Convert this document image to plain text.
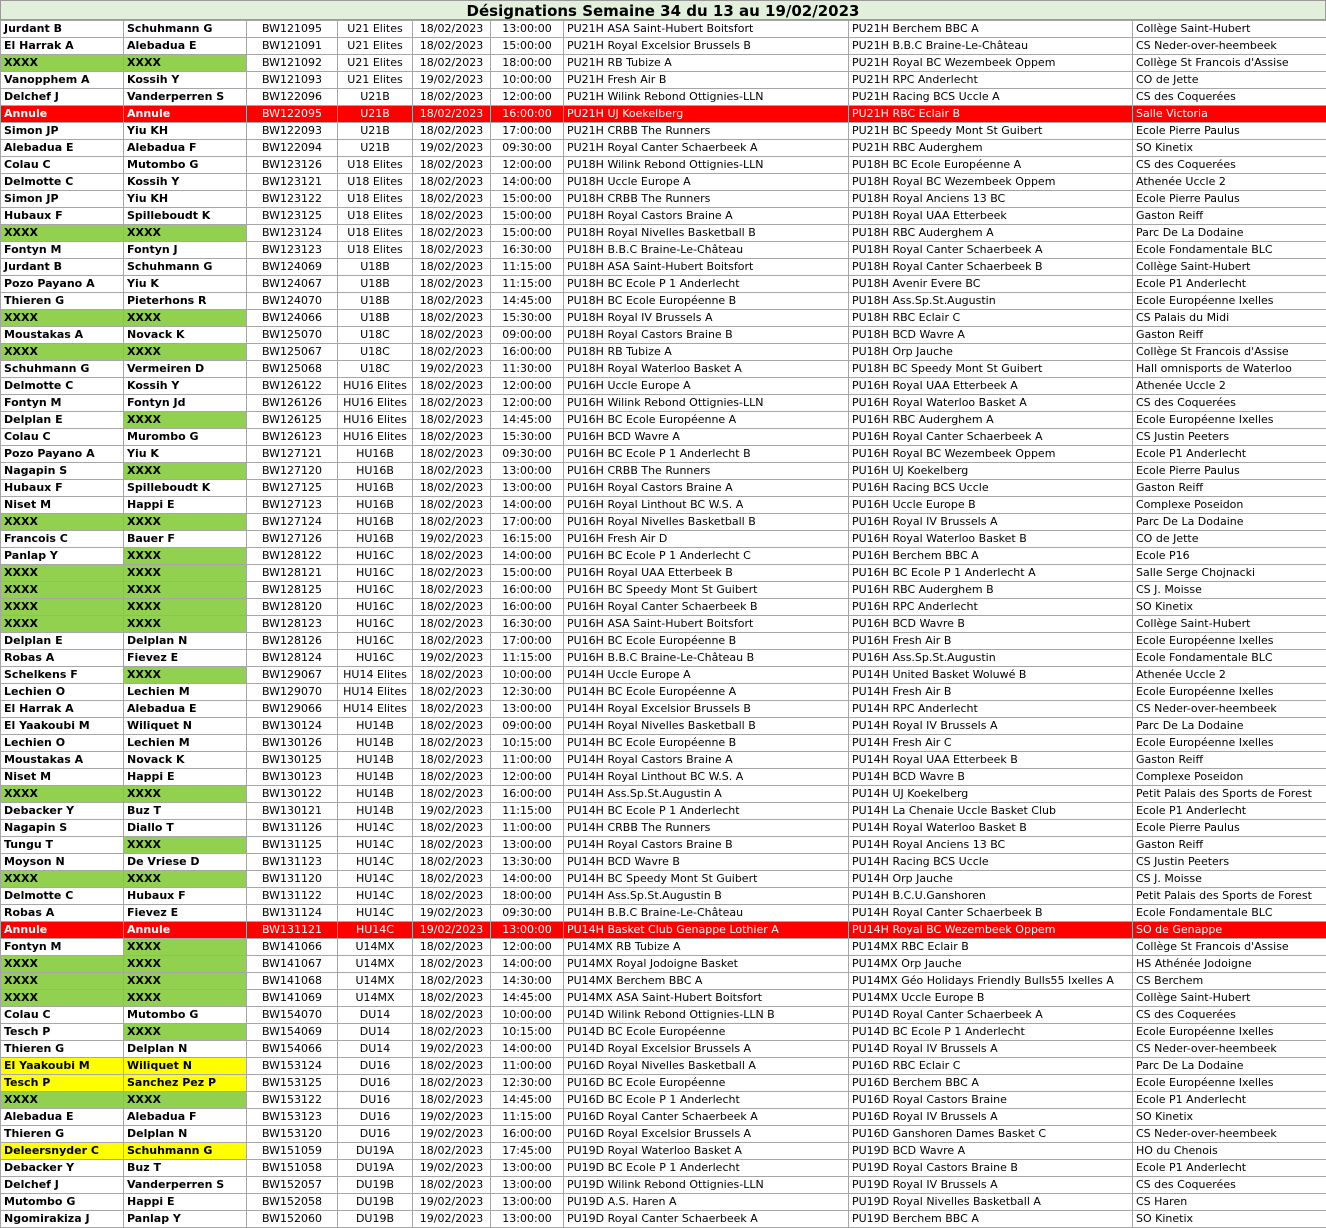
Désignations Semaine 34 du 13 au 19/02/2023
Jurdant B	Schuhmann G	BW121095	U21 Elites	18/02/2023	13:00:00	PU21H ASA Saint-Hubert Boitsfort	PU21H Berchem BBC A	Collège Saint-Hubert
El Harrak A	Alebadua E	BW121091	U21 Elites	18/02/2023	15:00:00	PU21H Royal Excelsior Brussels B	PU21H B.B.C Braine-Le-Château	CS Neder-over-heembeek
XXXX	XXXX	BW121092	U21 Elites	18/02/2023	18:00:00	PU21H RB Tubize A	PU21H Royal BC Wezembeek Oppem	Collège St Francois d'Assise
Vanopphem A	Kossih Y	BW121093	U21 Elites	19/02/2023	10:00:00	PU21H Fresh Air B	PU21H RPC Anderlecht	CO de Jette
Delchef J	Vanderperren S	BW122096	U21B	18/02/2023	12:00:00	PU21H Wilink Rebond Ottignies-LLN	PU21H Racing BCS Uccle A	CS des Coquerées
Annule	Annule	BW122095	U21B	18/02/2023	16:00:00	PU21H UJ Koekelberg	PU21H RBC Eclair B	Salle Victoria
Simon JP	Yiu KH	BW122093	U21B	18/02/2023	17:00:00	PU21H CRBB The Runners	PU21H BC Speedy Mont St Guibert	Ecole Pierre Paulus
Alebadua E	Alebadua F	BW122094	U21B	19/02/2023	09:30:00	PU21H Royal Canter Schaerbeek A	PU21H RBC Auderghem	SO Kinetix
Colau C	Mutombo G	BW123126	U18 Elites	18/02/2023	12:00:00	PU18H Wilink Rebond Ottignies-LLN	PU18H BC Ecole Européenne A	CS des Coquerées
Delmotte C	Kossih Y	BW123121	U18 Elites	18/02/2023	14:00:00	PU18H Uccle Europe A	PU18H Royal BC Wezembeek Oppem	Athenée Uccle 2
Simon JP	Yiu KH	BW123122	U18 Elites	18/02/2023	15:00:00	PU18H CRBB The Runners	PU18H Royal Anciens 13 BC	Ecole Pierre Paulus
Hubaux F	Spilleboudt K	BW123125	U18 Elites	18/02/2023	15:00:00	PU18H Royal Castors Braine A	PU18H Royal UAA Etterbeek	Gaston Reiff
XXXX	XXXX	BW123124	U18 Elites	18/02/2023	15:00:00	PU18H Royal Nivelles Basketball B	PU18H RBC Auderghem A	Parc De La Dodaine
Fontyn M	Fontyn J	BW123123	U18 Elites	18/02/2023	16:30:00	PU18H B.B.C Braine-Le-Château	PU18H Royal Canter Schaerbeek A	Ecole Fondamentale BLC
Jurdant B	Schuhmann G	BW124069	U18B	18/02/2023	11:15:00	PU18H ASA Saint-Hubert Boitsfort	PU18H Royal Canter Schaerbeek B	Collège Saint-Hubert
Pozo Payano A	Yiu K	BW124067	U18B	18/02/2023	11:15:00	PU18H BC Ecole P 1 Anderlecht	PU18H Avenir Evere BC	Ecole P1 Anderlecht
Thieren G	Pieterhons R	BW124070	U18B	18/02/2023	14:45:00	PU18H BC Ecole Européenne B	PU18H Ass.Sp.St.Augustin	Ecole Européenne Ixelles
XXXX	XXXX	BW124066	U18B	18/02/2023	15:30:00	PU18H Royal IV Brussels A	PU18H RBC Eclair C	CS Palais du Midi
Moustakas A	Novack K	BW125070	U18C	18/02/2023	09:00:00	PU18H Royal Castors Braine B	PU18H BCD Wavre A	Gaston Reiff
XXXX	XXXX	BW125067	U18C	18/02/2023	16:00:00	PU18H RB Tubize A	PU18H Orp Jauche	Collège St Francois d'Assise
Schuhmann G	Vermeiren D	BW125068	U18C	19/02/2023	11:30:00	PU18H Royal Waterloo Basket A	PU18H BC Speedy Mont St Guibert	Hall omnisports de Waterloo
Delmotte C	Kossih Y	BW126122	HU16 Elites	18/02/2023	12:00:00	PU16H Uccle Europe A	PU16H Royal UAA Etterbeek A	Athenée Uccle 2
Fontyn M	Fontyn Jd	BW126126	HU16 Elites	18/02/2023	12:00:00	PU16H Wilink Rebond Ottignies-LLN	PU16H Royal Waterloo Basket A	CS des Coquerées
Delplan E	XXXX	BW126125	HU16 Elites	18/02/2023	14:45:00	PU16H BC Ecole Européenne A	PU16H RBC Auderghem A	Ecole Européenne Ixelles
Colau C	Murombo G	BW126123	HU16 Elites	18/02/2023	15:30:00	PU16H BCD Wavre A	PU16H Royal Canter Schaerbeek A	CS Justin Peeters
Pozo Payano A	Yiu K	BW127121	HU16B	18/02/2023	09:30:00	PU16H BC Ecole P 1 Anderlecht B	PU16H Royal BC Wezembeek Oppem	Ecole P1 Anderlecht
Nagapin S	XXXX	BW127120	HU16B	18/02/2023	13:00:00	PU16H CRBB The Runners	PU16H UJ Koekelberg	Ecole Pierre Paulus
Hubaux F	Spilleboudt K	BW127125	HU16B	18/02/2023	13:00:00	PU16H Royal Castors Braine A	PU16H Racing BCS Uccle	Gaston Reiff
Niset M	Happi E	BW127123	HU16B	18/02/2023	14:00:00	PU16H Royal Linthout BC W.S. A	PU16H Uccle Europe B	Complexe Poseidon
XXXX	XXXX	BW127124	HU16B	18/02/2023	17:00:00	PU16H Royal Nivelles Basketball B	PU16H Royal IV Brussels A	Parc De La Dodaine
Francois C	Bauer F	BW127126	HU16B	19/02/2023	16:15:00	PU16H Fresh Air D	PU16H Royal Waterloo Basket B	CO de Jette
Panlap Y	XXXX	BW128122	HU16C	18/02/2023	14:00:00	PU16H BC Ecole P 1 Anderlecht C	PU16H Berchem BBC A	Ecole P16
XXXX	XXXX	BW128121	HU16C	18/02/2023	15:00:00	PU16H Royal UAA Etterbeek B	PU16H BC Ecole P 1 Anderlecht A	Salle Serge Chojnacki
XXXX	XXXX	BW128125	HU16C	18/02/2023	16:00:00	PU16H BC Speedy Mont St Guibert	PU16H RBC Auderghem B	CS J. Moisse
XXXX	XXXX	BW128120	HU16C	18/02/2023	16:00:00	PU16H Royal Canter Schaerbeek B	PU16H RPC Anderlecht	SO Kinetix
XXXX	XXXX	BW128123	HU16C	18/02/2023	16:30:00	PU16H ASA Saint-Hubert Boitsfort	PU16H BCD Wavre B	Collège Saint-Hubert
Delplan E	Delplan N	BW128126	HU16C	18/02/2023	17:00:00	PU16H BC Ecole Européenne B	PU16H Fresh Air B	Ecole Européenne Ixelles
Robas A	Fievez E	BW128124	HU16C	19/02/2023	11:15:00	PU16H B.B.C Braine-Le-Château B	PU16H Ass.Sp.St.Augustin	Ecole Fondamentale BLC
Schelkens F	XXXX	BW129067	HU14 Elites	18/02/2023	10:00:00	PU14H Uccle Europe A	PU14H United Basket Woluwé B	Athenée Uccle 2
Lechien O	Lechien M	BW129070	HU14 Elites	18/02/2023	12:30:00	PU14H BC Ecole Européenne A	PU14H Fresh Air B	Ecole Européenne Ixelles
El Harrak A	Alebadua E	BW129066	HU14 Elites	18/02/2023	13:00:00	PU14H Royal Excelsior Brussels B	PU14H RPC Anderlecht	CS Neder-over-heembeek
El Yaakoubi M	Wiliquet N	BW130124	HU14B	18/02/2023	09:00:00	PU14H Royal Nivelles Basketball B	PU14H Royal IV Brussels A	Parc De La Dodaine
Lechien O	Lechien M	BW130126	HU14B	18/02/2023	10:15:00	PU14H BC Ecole Européenne B	PU14H Fresh Air C	Ecole Européenne Ixelles
Moustakas A	Novack K	BW130125	HU14B	18/02/2023	11:00:00	PU14H Royal Castors Braine A	PU14H Royal UAA Etterbeek B	Gaston Reiff
Niset M	Happi E	BW130123	HU14B	18/02/2023	12:00:00	PU14H Royal Linthout BC W.S. A	PU14H BCD Wavre B	Complexe Poseidon
XXXX	XXXX	BW130122	HU14B	18/02/2023	16:00:00	PU14H Ass.Sp.St.Augustin A	PU14H UJ Koekelberg	Petit Palais des Sports de Forest
Debacker Y	Buz T	BW130121	HU14B	19/02/2023	11:15:00	PU14H BC Ecole P 1 Anderlecht	PU14H La Chenaie Uccle Basket Club	Ecole P1 Anderlecht
Nagapin S	Diallo T	BW131126	HU14C	18/02/2023	11:00:00	PU14H CRBB The Runners	PU14H Royal Waterloo Basket B	Ecole Pierre Paulus
Tungu T	XXXX	BW131125	HU14C	18/02/2023	13:00:00	PU14H Royal Castors Braine B	PU14H Royal Anciens 13 BC	Gaston Reiff
Moyson N	De Vriese D	BW131123	HU14C	18/02/2023	13:30:00	PU14H BCD Wavre B	PU14H Racing BCS Uccle	CS Justin Peeters
XXXX	XXXX	BW131120	HU14C	18/02/2023	14:00:00	PU14H BC Speedy Mont St Guibert	PU14H Orp Jauche	CS J. Moisse
Delmotte C	Hubaux F	BW131122	HU14C	18/02/2023	18:00:00	PU14H Ass.Sp.St.Augustin B	PU14H B.C.U.Ganshoren	Petit Palais des Sports de Forest
Robas A	Fievez E	BW131124	HU14C	19/02/2023	09:30:00	PU14H B.B.C Braine-Le-Château	PU14H Royal Canter Schaerbeek B	Ecole Fondamentale BLC
Annule	Annule	BW131121	HU14C	19/02/2023	13:00:00	PU14H Basket Club Genappe Lothier A	PU14H Royal BC Wezembeek Oppem	SO de Genappe
Fontyn M	XXXX	BW141066	U14MX	18/02/2023	12:00:00	PU14MX RB Tubize A	PU14MX RBC Eclair B	Collège St Francois d'Assise
XXXX	XXXX	BW141067	U14MX	18/02/2023	14:00:00	PU14MX Royal Jodoigne Basket	PU14MX Orp Jauche	HS Athénée Jodoigne
XXXX	XXXX	BW141068	U14MX	18/02/2023	14:30:00	PU14MX Berchem BBC A	PU14MX Géo Holidays Friendly Bulls55 Ixelles A	CS Berchem
XXXX	XXXX	BW141069	U14MX	18/02/2023	14:45:00	PU14MX ASA Saint-Hubert Boitsfort	PU14MX Uccle Europe B	Collège Saint-Hubert
Colau C	Mutombo G	BW154070	DU14	18/02/2023	10:00:00	PU14D Wilink Rebond Ottignies-LLN B	PU14D Royal Canter Schaerbeek A	CS des Coquerées
Tesch P	XXXX	BW154069	DU14	18/02/2023	10:15:00	PU14D BC Ecole Européenne	PU14D BC Ecole P 1 Anderlecht	Ecole Européenne Ixelles
Thieren G	Delplan N	BW154066	DU14	19/02/2023	14:00:00	PU14D Royal Excelsior Brussels A	PU14D Royal IV Brussels A	CS Neder-over-heembeek
El Yaakoubi M	Wiliquet N	BW153124	DU16	18/02/2023	11:00:00	PU16D Royal Nivelles Basketball A	PU16D RBC Eclair C	Parc De La Dodaine
Tesch P	Sanchez Pez P	BW153125	DU16	18/02/2023	12:30:00	PU16D BC Ecole Européenne	PU16D Berchem BBC A	Ecole Européenne Ixelles
XXXX	XXXX	BW153122	DU16	18/02/2023	14:45:00	PU16D BC Ecole P 1 Anderlecht	PU16D Royal Castors Braine	Ecole P1 Anderlecht
Alebadua E	Alebadua F	BW153123	DU16	19/02/2023	11:15:00	PU16D Royal Canter Schaerbeek A	PU16D Royal IV Brussels A	SO Kinetix
Thieren G	Delplan N	BW153120	DU16	19/02/2023	16:00:00	PU16D Royal Excelsior Brussels A	PU16D Ganshoren Dames Basket C	CS Neder-over-heembeek
Deleersnyder C	Schuhmann G	BW151059	DU19A	18/02/2023	17:45:00	PU19D Royal Waterloo Basket A	PU19D BCD Wavre A	HO du Chenois
Debacker Y	Buz T	BW151058	DU19A	19/02/2023	13:00:00	PU19D BC Ecole P 1 Anderlecht	PU19D Royal Castors Braine B	Ecole P1 Anderlecht
Delchef J	Vanderperren S	BW152057	DU19B	18/02/2023	13:00:00	PU19D Wilink Rebond Ottignies-LLN	PU19D Royal IV Brussels A	CS des Coquerées
Mutombo G	Happi E	BW152058	DU19B	19/02/2023	13:00:00	PU19D A.S. Haren A	PU19D Royal Nivelles Basketball A	CS Haren
Ngomirakiza J	Panlap Y	BW152060	DU19B	19/02/2023	13:00:00	PU19D Royal Canter Schaerbeek A	PU19D Berchem BBC A	SO Kinetix
